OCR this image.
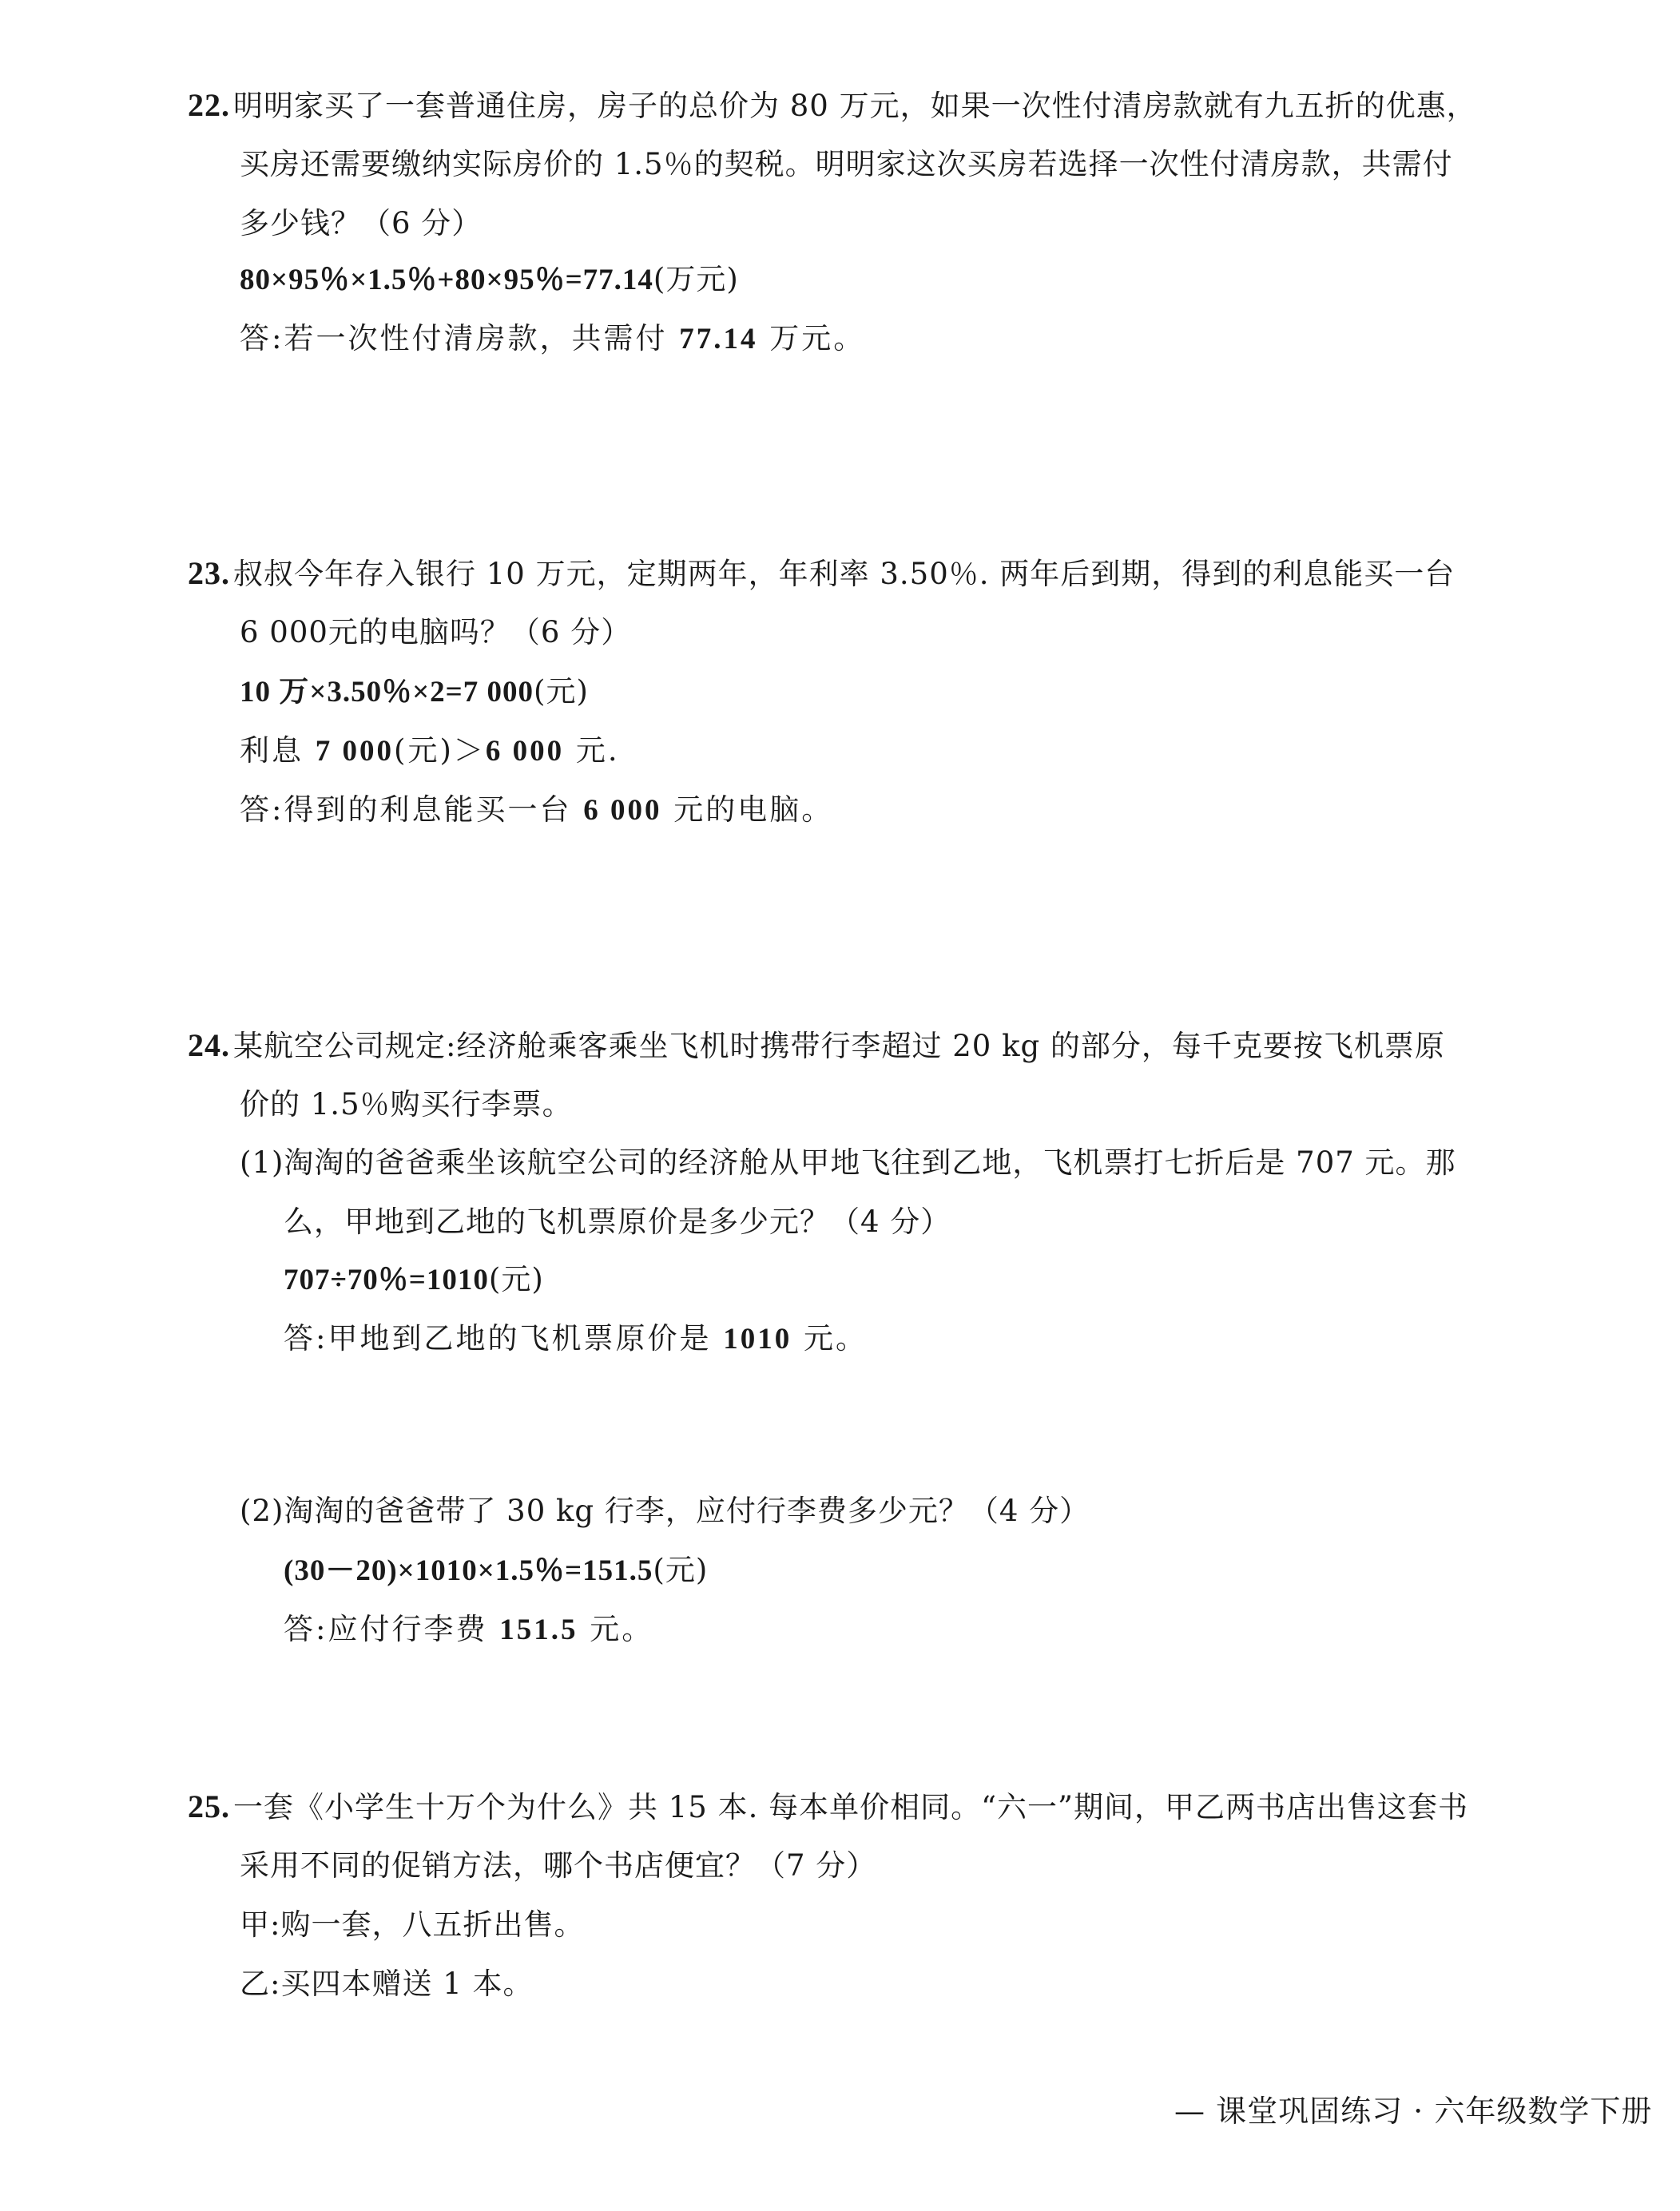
22. 明明家买了一套普通住房，房子的总价为 80 万元，如果一次性付清房款就有九五折的优惠，
买房还需要缴纳实际房价的 1.5％的契税。明明家这次买房若选择一次性付清房款，共需付
多少钱？（6 分）
80×95％×1.5％+80×95％=77.14(万元)
答:若一次性付清房款，共需付 77.14 万元。
23. 叔叔今年存入银行 10 万元，定期两年，年利率 3.50％. 两年后到期，得到的利息能买一台
6 000元的电脑吗？（6 分）
10 万×3.50％×2=7 000(元)
利息 7 000(元)＞6 000 元.
答:得到的利息能买一台 6 000 元的电脑。
24. 某航空公司规定:经济舱乘客乘坐飞机时携带行李超过 20 kg 的部分，每千克要按飞机票原
价的 1.5％购买行李票。
(1)淘淘的爸爸乘坐该航空公司的经济舱从甲地飞往到乙地，飞机票打七折后是 707 元。那
么，甲地到乙地的飞机票原价是多少元？（4 分）
707÷70％=1010(元)
答:甲地到乙地的飞机票原价是 1010 元。
(2)淘淘的爸爸带了 30 kg 行李，应付行李费多少元？（4 分）
(30－20)×1010×1.5％=151.5(元)
答:应付行李费 151.5 元。
25. 一套《小学生十万个为什么》共 15 本. 每本单价相同。“六一”期间，甲乙两书店出售这套书
采用不同的促销方法，哪个书店便宜？（7 分）
甲:购一套，八五折出售。
乙:买四本赠送 1 本。
— 课堂巩固练习 · 六年级数学下册
